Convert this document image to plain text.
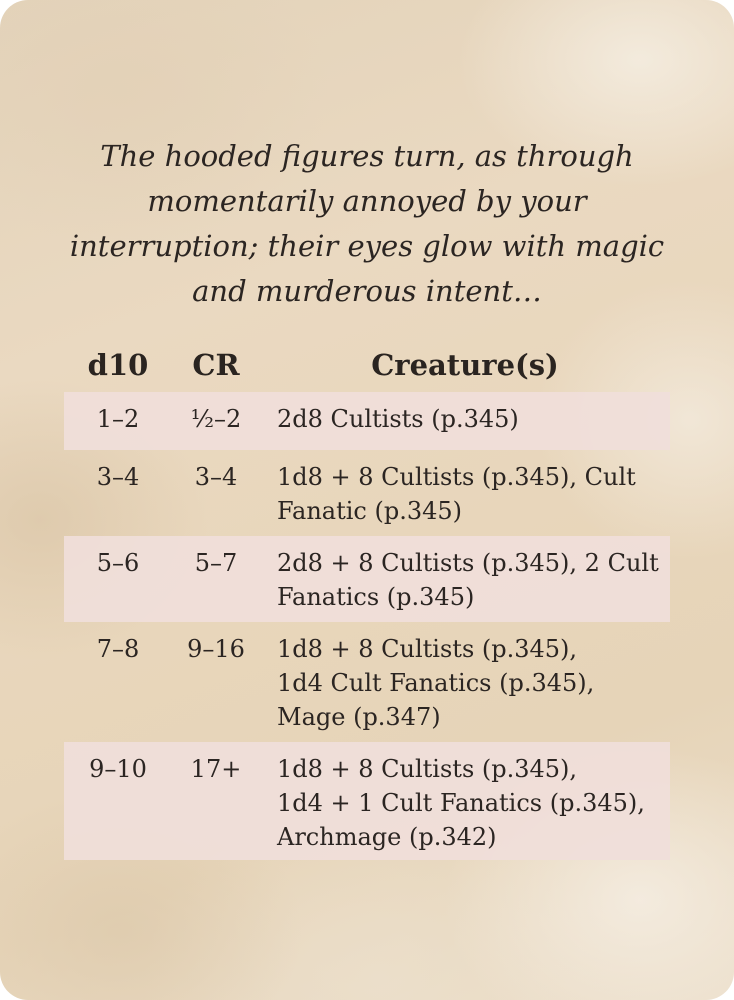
The hooded figures turn, as through
momentarily annoyed by your
interruption; their eyes glow with magic
and murderous intent…

d10	CR	Creature(s)
1–2	½–2	2d8 Cultists (p.345)
3–4	3–4	1d8 + 8 Cultists (p.345), Cult
Fanatic (p.345)
5–6	5–7	2d8 + 8 Cultists (p.345), 2 Cult
Fanatics (p.345)
7–8	9–16	1d8 + 8 Cultists (p.345),
1d4 Cult Fanatics (p.345),
Mage (p.347)
9–10	17+	1d8 + 8 Cultists (p.345),
1d4 + 1 Cult Fanatics (p.345),
Archmage (p.342)
